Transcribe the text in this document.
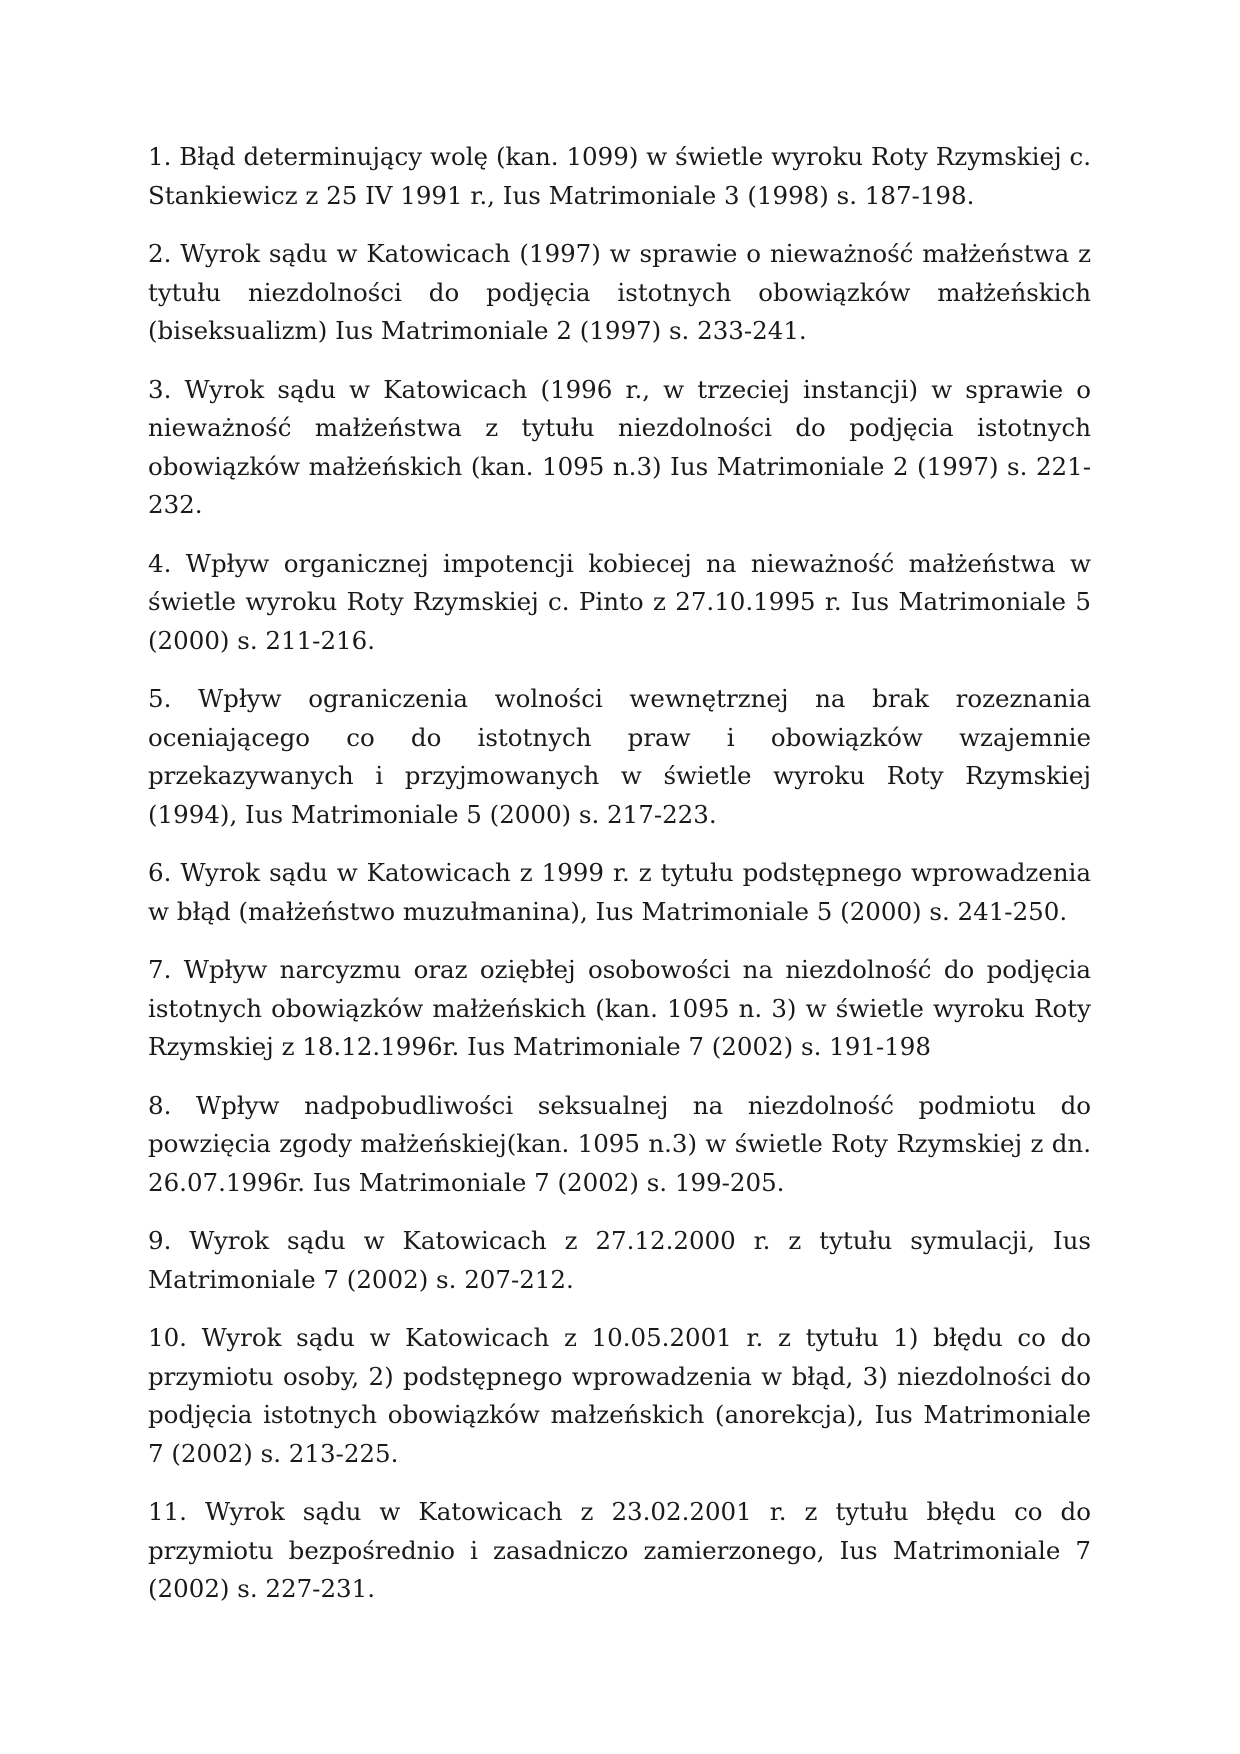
1. Błąd determinujący wolę (kan. 1099) w świetle wyroku Roty Rzymskiej c. Stankiewicz z 25 IV 1991 r., Ius Matrimoniale 3 (1998) s. 187-198.

2. Wyrok sądu w Katowicach (1997) w sprawie o nieważność małżeństwa z tytułu niezdolności do podjęcia istotnych obowiązków małżeńskich (biseksualizm) Ius Matrimoniale 2 (1997) s. 233-241.

3. Wyrok sądu w Katowicach (1996 r., w trzeciej instancji) w sprawie o nieważność małżeństwa z tytułu niezdolności do podjęcia istotnych obowiązków małżeńskich (kan. 1095 n.3) Ius Matrimoniale 2 (1997) s. 221-232.

4. Wpływ organicznej impotencji kobiecej na nieważność małżeństwa w świetle wyroku Roty Rzymskiej c. Pinto z 27.10.1995 r. Ius Matrimoniale 5 (2000) s. 211-216.

5. Wpływ ograniczenia wolności wewnętrznej na brak rozeznania oceniającego co do istotnych praw i obowiązków wzajemnie przekazywanych i przyjmowanych w świetle wyroku Roty Rzymskiej (1994), Ius Matrimoniale 5 (2000) s. 217-223.

6. Wyrok sądu w Katowicach z 1999 r. z tytułu podstępnego wprowadzenia w błąd (małżeństwo muzułmanina), Ius Matrimoniale 5 (2000) s. 241-250.

7. Wpływ narcyzmu oraz oziębłej osobowości na niezdolność do podjęcia istotnych obowiązków małżeńskich (kan. 1095 n. 3) w świetle wyroku Roty Rzymskiej z 18.12.1996r. Ius Matrimoniale 7 (2002) s. 191-198

8. Wpływ nadpobudliwości seksualnej na niezdolność podmiotu do powzięcia zgody małżeńskiej(kan. 1095 n.3) w świetle Roty Rzymskiej z dn. 26.07.1996r. Ius Matrimoniale 7 (2002) s. 199-205.

9. Wyrok sądu w Katowicach z 27.12.2000 r. z tytułu symulacji, Ius Matrimoniale 7 (2002) s. 207-212.

10. Wyrok sądu w Katowicach z 10.05.2001 r. z tytułu 1) błędu co do przymiotu osoby, 2) podstępnego wprowadzenia w błąd, 3) niezdolności do podjęcia istotnych obowiązków małzeńskich (anorekcja), Ius Matrimoniale 7 (2002) s. 213-225.

11. Wyrok sądu w Katowicach z 23.02.2001 r. z tytułu błędu co do przymiotu bezpośrednio i zasadniczo zamierzonego, Ius Matrimoniale 7 (2002) s. 227-231.
